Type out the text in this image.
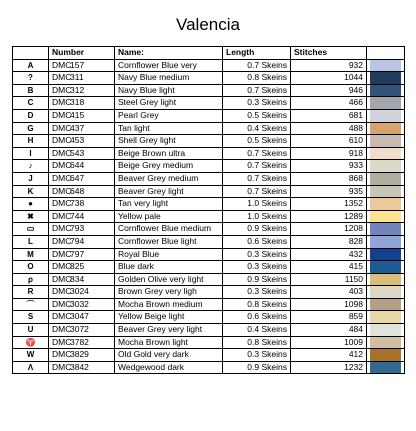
Valencia
	Number	Name:	Length	Stitches	
A	DMC157	Cornflower Blue very	0.7 Skeins	932	

?	DMC311	Navy Blue medium	0.8 Skeins	1044	

B	DMC312	Navy Blue light	0.7 Skeins	946	

C	DMC318	Steel Grey light	0.3 Skeins	466	

D	DMC415	Pearl Grey	0.5 Skeins	681	

G	DMC437	Tan light	0.4 Skeins	488	

H	DMC453	Shell Grey light	0.5 Skeins	610	

I	DMC543	Beige Brown ultra	0.7 Skeins	918	

♪	DMC644	Beige Grey medium	0.7 Skeins	933	

J	DMC647	Beaver Grey medium	0.7 Skeins	868	

K	DMC648	Beaver Grey light	0.7 Skeins	935	

●	DMC738	Tan very light	1.0 Skeins	1352	

✖	DMC744	Yellow pale	1.0 Skeins	1289	

▭	DMC793	Cornflower Blue medium	0.9 Skeins	1208	

L	DMC794	Cornflower Blue light	0.6 Skeins	828	

M	DMC797	Royal Blue	0.3 Skeins	432	

O	DMC825	Blue dark	0.3 Skeins	415	

ρ	DMC834	Golden Olive very light	0.9 Skeins	1150	

R	DMC3024	Brown Grey very ligh	0.3 Skeins	403	

⌒	DMC3032	Mocha Brown medium	0.8 Skeins	1098	

S	DMC3047	Yellow Beige light	0.6 Skeins	859	

U	DMC3072	Beaver Grey very light	0.4 Skeins	484	

♈	DMC3782	Mocha Brown light	0.8 Skeins	1009	

W	DMC3829	Old Gold very dark	0.3 Skeins	412	

Λ	DMC3842	Wedgewood dark	0.9 Skeins	1232	
